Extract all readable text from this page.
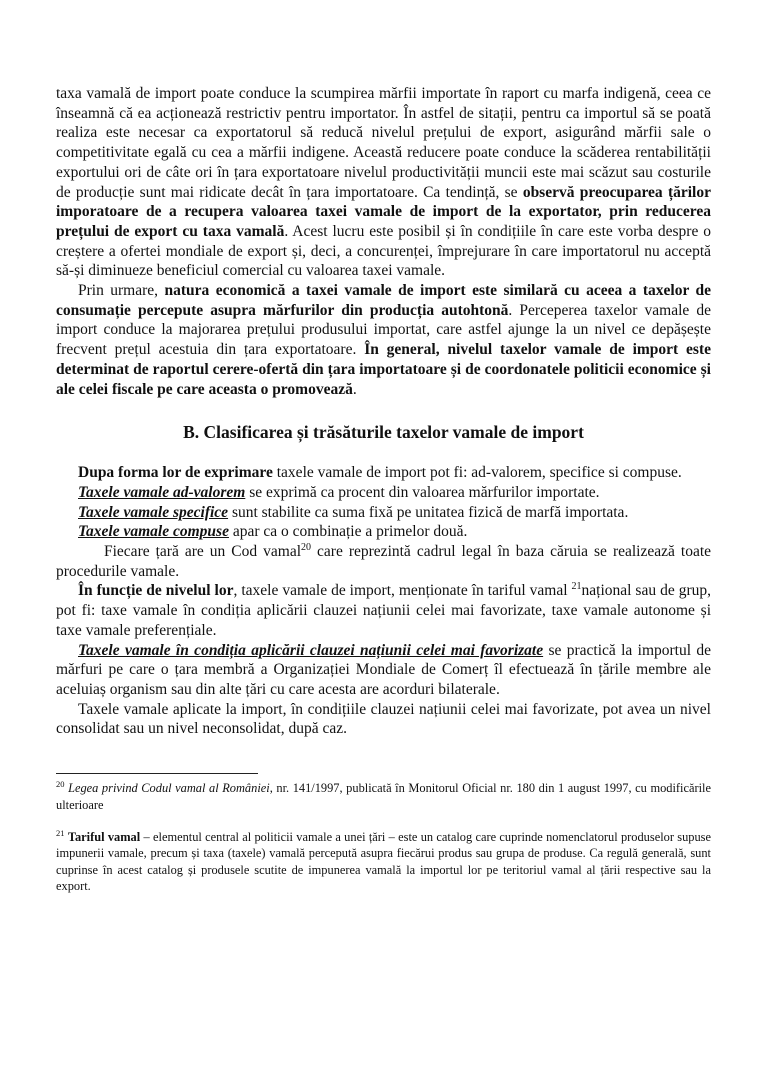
taxa vamală de import poate conduce la scumpirea mărfii importate în raport cu marfa indigenă, ceea ce înseamnă că ea acționează restrictiv pentru importator. În astfel de sitații, pentru ca importul să se poată realiza este necesar ca exportatorul să reducă nivelul prețului de export, asigurând mărfii sale o competitivitate egală cu cea a mărfii indigene. Această reducere poate conduce la scăderea rentabilității exportului ori de câte ori în țara exportatoare nivelul productivității muncii este mai scăzut sau costurile de producție sunt mai ridicate decât în țara importatoare. Ca tendință, se observă preocuparea țărilor imporatoare de a recupera valoarea taxei vamale de import de la exportator, prin reducerea prețului de export cu taxa vamală. Acest lucru este posibil și în condițiile în care este vorba despre o creștere a ofertei mondiale de export și, deci, a concurenței, împrejurare în care importatorul nu acceptă să-și diminueze beneficiul comercial cu valoarea taxei vamale.

Prin urmare, natura economică a taxei vamale de import este similară cu aceea a taxelor de consumație percepute asupra mărfurilor din producția autohtonă. Perceperea taxelor vamale de import conduce la majorarea prețului produsului importat, care astfel ajunge la un nivel ce depășește frecvent prețul acestuia din țara exportatoare. În general, nivelul taxelor vamale de import este determinat de raportul cerere-ofertă din țara importatoare și de coordonatele politicii economice și ale celei fiscale pe care aceasta o promovează.

B. Clasificarea și trăsăturile taxelor vamale de import

Dupa forma lor de exprimare taxele vamale de import pot fi: ad-valorem, specifice si compuse.

Taxele vamale ad-valorem se exprimă ca procent din valoarea mărfurilor importate.

Taxele vamale specifice sunt stabilite ca suma fixă pe unitatea fizică de marfă importata.

Taxele vamale compuse apar ca o combinație a primelor două.

Fiecare țară are un Cod vamal$^{20}$ care reprezintă cadrul legal în baza căruia se realizează toate procedurile vamale.

În funcție de nivelul lor, taxele vamale de import, menționate în tariful vamal $^{21}$național sau de grup, pot fi: taxe vamale în condiția aplicării clauzei națiunii celei mai favorizate, taxe vamale autonome și taxe vamale preferențiale.

Taxele vamale în condiția aplicării clauzei națiunii celei mai favorizate se practică la importul de mărfuri pe care o țara membră a Organizației Mondiale de Comerț îl efectuează în țările membre ale aceluiaș organism sau din alte țări cu care acesta are acorduri bilaterale.

Taxele vamale aplicate la import, în condițiile clauzei națiunii celei mai favorizate, pot avea un nivel consolidat sau un nivel neconsolidat, după caz.

$^{20}$ Legea privind Codul vamal al României, nr. 141/1997, publicată în Monitorul Oficial nr. 180 din 1 august 1997, cu modificările ulterioare

$^{21}$ Tariful vamal – elementul central al politicii vamale a unei țări – este un catalog care cuprinde nomenclatorul produselor supuse impunerii vamale, precum și taxa (taxele) vamală percepută asupra fiecărui produs sau grupa de produse. Ca regulă generală, sunt cuprinse în acest catalog și produsele scutite de impunerea vamală la importul lor pe teritoriul vamal al țării respective sau la export.
